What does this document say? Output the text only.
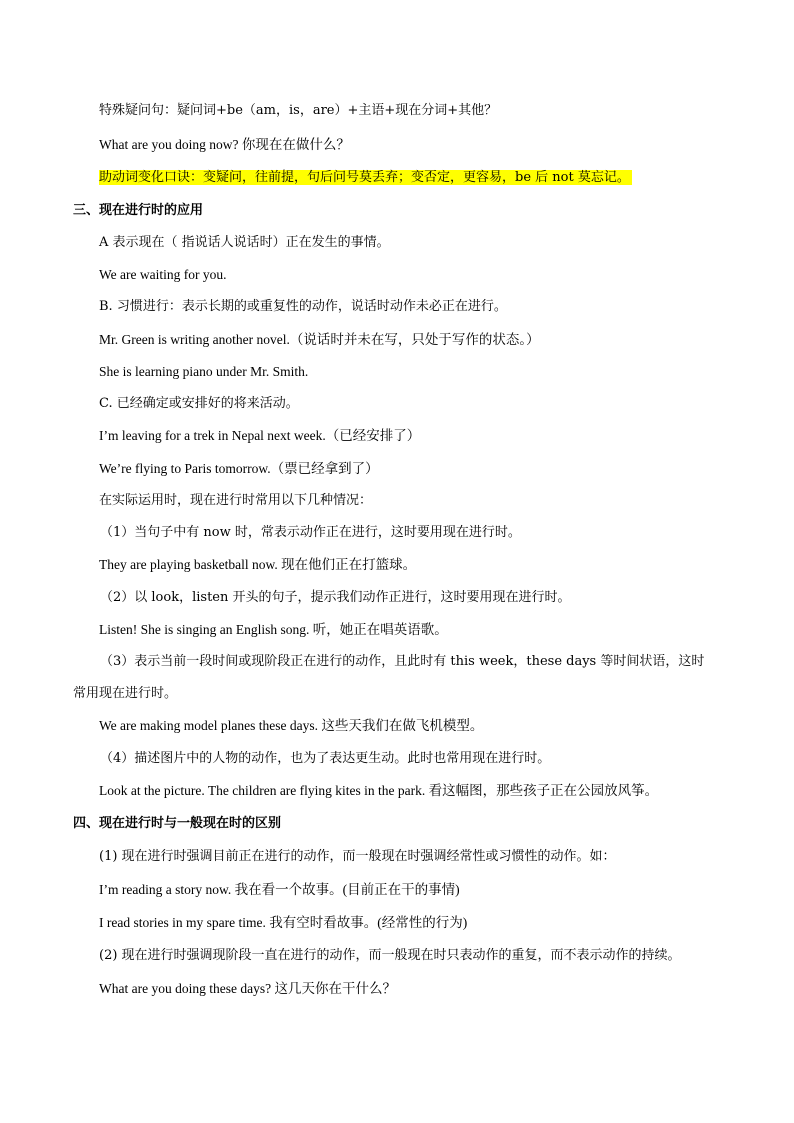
特殊疑问句：疑问词+be（am，is，are）+主语+现在分词+其他？
What are you doing now? 你现在在做什么？
助动词变化口诀：变疑问，往前提，句后问号莫丢弃；变否定，更容易，be 后 not 莫忘记。
三、现在进行时的应用
A 表示现在（ 指说话人说话时）正在发生的事情。
We are waiting for you.
B. 习惯进行：表示长期的或重复性的动作，说话时动作未必正在进行。
Mr. Green is writing another novel.（说话时并未在写，只处于写作的状态。）
She is learning piano under Mr. Smith.
C. 已经确定或安排好的将来活动。
I’m leaving for a trek in Nepal next week.（已经安排了）
We’re flying to Paris tomorrow.（票已经拿到了）
在实际运用时，现在进行时常用以下几种情况：
（1）当句子中有 now 时，常表示动作正在进行，这时要用现在进行时。
They are playing basketball now. 现在他们正在打篮球。
（2）以 look，listen 开头的句子，提示我们动作正进行，这时要用现在进行时。
Listen! She is singing an English song. 听，她正在唱英语歌。
（3）表示当前一段时间或现阶段正在进行的动作，且此时有 this week，these days 等时间状语，这时
常用现在进行时。
We are making model planes these days. 这些天我们在做飞机模型。
（4）描述图片中的人物的动作，也为了表达更生动。此时也常用现在进行时。
Look at the picture. The children are flying kites in the park. 看这幅图，那些孩子正在公园放风筝。
四、现在进行时与一般现在时的区别
(1) 现在进行时强调目前正在进行的动作，而一般现在时强调经常性或习惯性的动作。如：
I’m reading a story now. 我在看一个故事。(目前正在干的事情)
I read stories in my spare time. 我有空时看故事。(经常性的行为)
(2) 现在进行时强调现阶段一直在进行的动作，而一般现在时只表动作的重复，而不表示动作的持续。
What are you doing these days? 这几天你在干什么？
